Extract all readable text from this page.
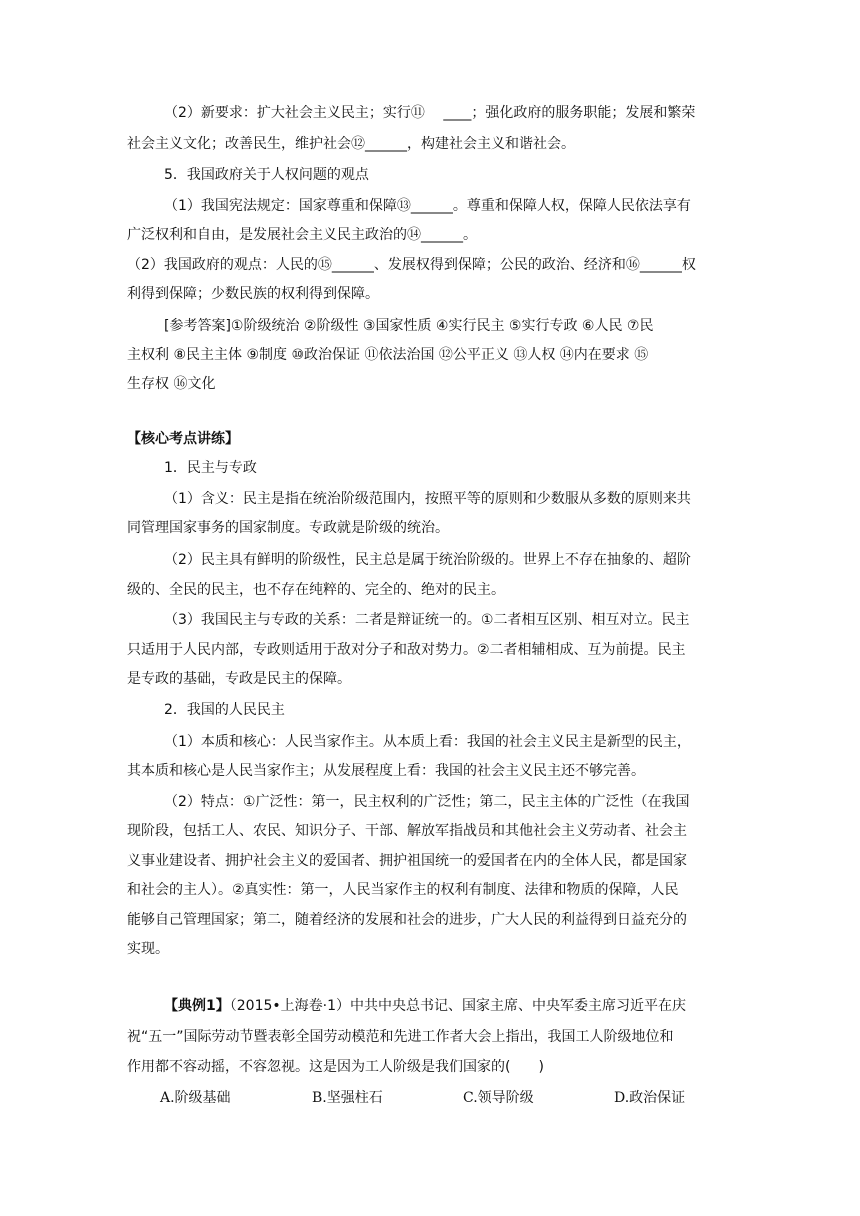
（2）新要求：扩大社会主义民主；实行⑪　 ____；强化政府的服务职能；发展和繁荣
社会主义文化；改善民生，维护社会⑫______，构建社会主义和谐社会。
5．我国政府关于人权问题的观点
（1）我国宪法规定：国家尊重和保障⑬______。尊重和保障人权，保障人民依法享有
广泛权利和自由，是发展社会主义民主政治的⑭______。
（2）我国政府的观点：人民的⑮______、发展权得到保障；公民的政治、经济和⑯______权
利得到保障；少数民族的权利得到保障。
[参考答案]①阶级统治 ②阶级性 ③国家性质 ④实行民主 ⑤实行专政 ⑥人民 ⑦民
主权利 ⑧民主主体 ⑨制度 ⑩政治保证 ⑪依法治国 ⑫公平正义 ⑬人权 ⑭内在要求 ⑮
生存权 ⑯文化
【核心考点讲练】
1．民主与专政
（1）含义：民主是指在统治阶级范围内，按照平等的原则和少数服从多数的原则来共
同管理国家事务的国家制度。专政就是阶级的统治。
（2）民主具有鲜明的阶级性，民主总是属于统治阶级的。世界上不存在抽象的、超阶
级的、全民的民主，也不存在纯粹的、完全的、绝对的民主。
（3）我国民主与专政的关系：二者是辩证统一的。①二者相互区别、相互对立。民主
只适用于人民内部，专政则适用于敌对分子和敌对势力。②二者相辅相成、互为前提。民主
是专政的基础，专政是民主的保障。
2．我国的人民民主
（1）本质和核心：人民当家作主。从本质上看：我国的社会主义民主是新型的民主，
其本质和核心是人民当家作主；从发展程度上看：我国的社会主义民主还不够完善。
（2）特点：①广泛性：第一，民主权利的广泛性；第二，民主主体的广泛性（在我国
现阶段，包括工人、农民、知识分子、干部、解放军指战员和其他社会主义劳动者、社会主
义事业建设者、拥护社会主义的爱国者、拥护祖国统一的爱国者在内的全体人民，都是国家
和社会的主人）。②真实性：第一，人民当家作主的权利有制度、法律和物质的保障，人民
能够自己管理国家；第二，随着经济的发展和社会的进步，广大人民的利益得到日益充分的
实现。
【典例1】（2015•上海卷·1）中共中央总书记、国家主席、中央军委主席习近平在庆
祝“五一”国际劳动节暨表彰全国劳动模范和先进工作者大会上指出，我国工人阶级地位和
作用都不容动摇，不容忽视。这是因为工人阶级是我们国家的(　　)
A.阶级基础	B.坚强柱石	C.领导阶级	D.政治保证
